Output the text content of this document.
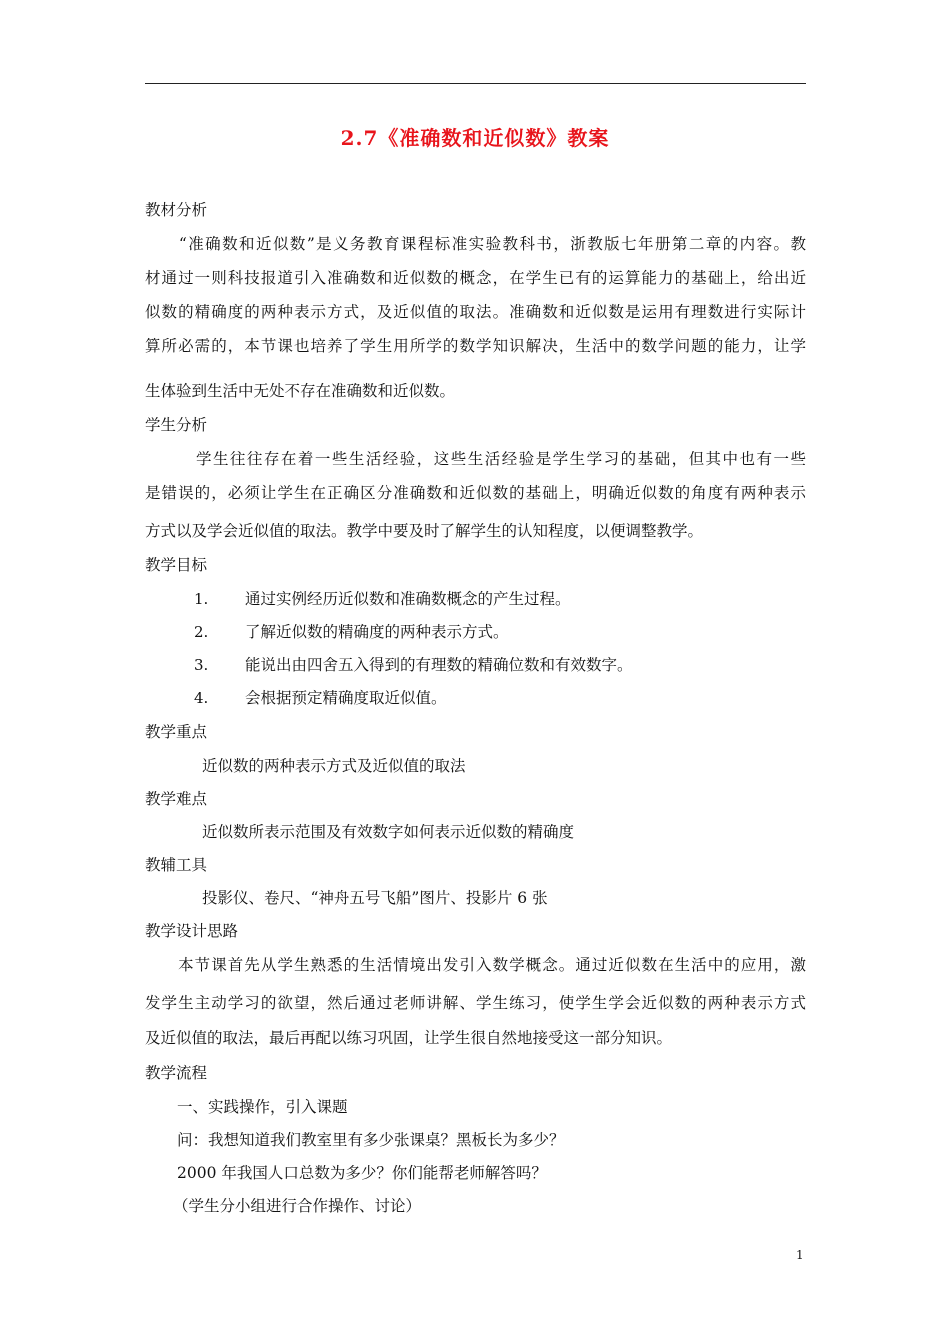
2.7《准确数和近似数》教案
教材分析
　　“准确数和近似数”是义务教育课程标准实验教科书，浙教版七年册第二章的内容。教
材通过一则科技报道引入准确数和近似数的概念，在学生已有的运算能力的基础上，给出近
似数的精确度的两种表示方式，及近似值的取法。准确数和近似数是运用有理数进行实际计
算所必需的，本节课也培养了学生用所学的数学知识解决，生活中的数学问题的能力，让学
生体验到生活中无处不存在准确数和近似数。
学生分析
　　　学生往往存在着一些生活经验，这些生活经验是学生学习的基础，但其中也有一些
是错误的，必须让学生在正确区分准确数和近似数的基础上，明确近似数的角度有两种表示
方式以及学会近似值的取法。教学中要及时了解学生的认知程度，以便调整教学。
教学目标
1. 通过实例经历近似数和准确数概念的产生过程。
2. 了解近似数的精确度的两种表示方式。
3. 能说出由四舍五入得到的有理数的精确位数和有效数字。
4. 会根据预定精确度取近似值。
教学重点
近似数的两种表示方式及近似值的取法
教学难点
近似数所表示范围及有效数字如何表示近似数的精确度
教辅工具
投影仪、卷尺、“神舟五号飞船”图片、投影片 6 张
教学设计思路
　　本节课首先从学生熟悉的生活情境出发引入数学概念。通过近似数在生活中的应用，激
发学生主动学习的欲望，然后通过老师讲解、学生练习，使学生学会近似数的两种表示方式
及近似值的取法，最后再配以练习巩固，让学生很自然地接受这一部分知识。
教学流程
一、实践操作，引入课题
问：我想知道我们教室里有多少张课桌？黑板长为多少？
2000 年我国人口总数为多少？你们能帮老师解答吗？
（学生分小组进行合作操作、讨论）
1
